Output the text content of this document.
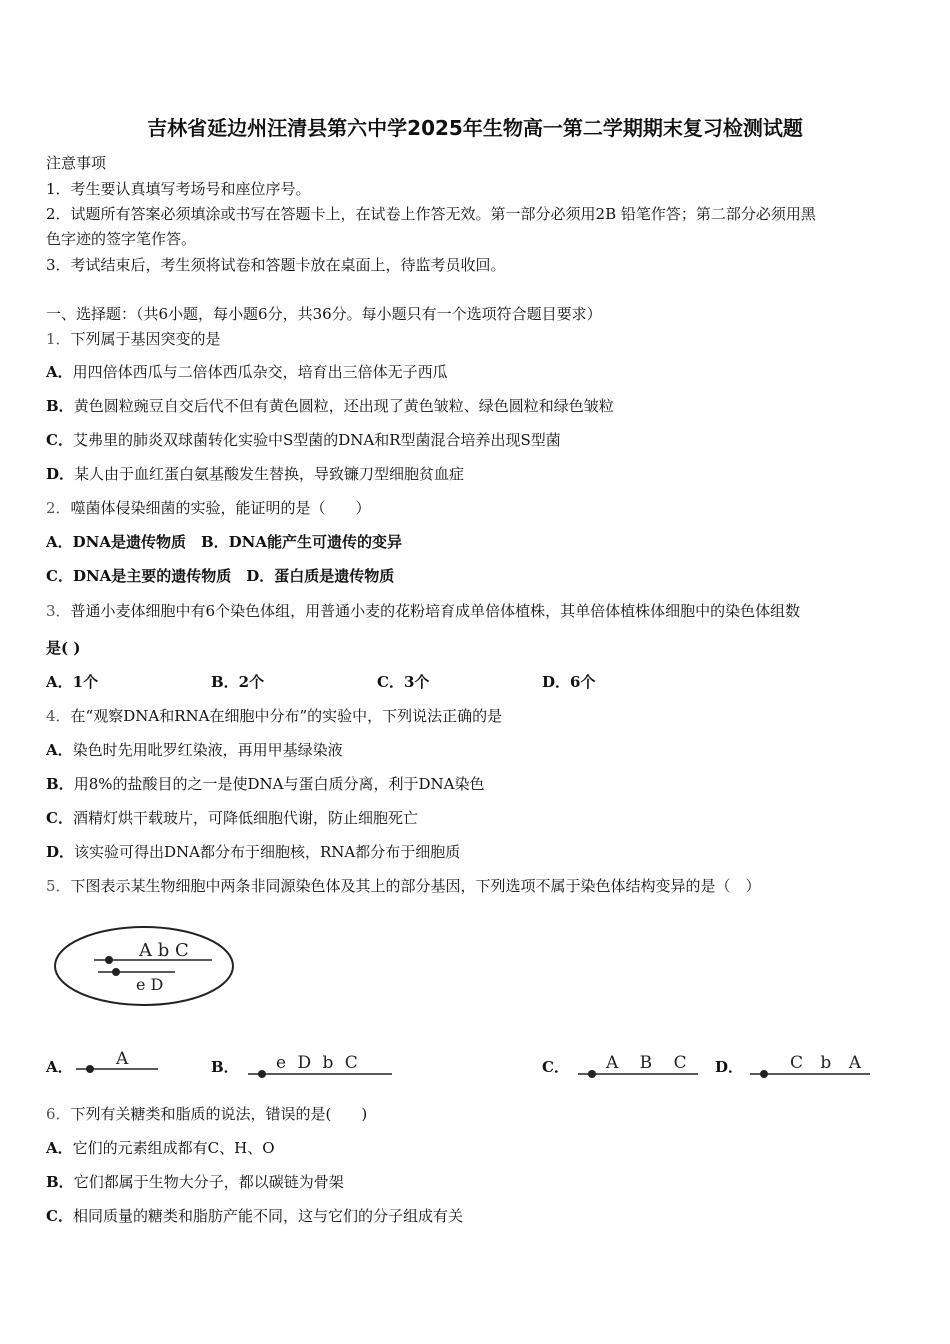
吉林省延边州汪清县第六中学2025年生物高一第二学期期末复习检测试题
注意事项
1．考生要认真填写考场号和座位序号。
2．试题所有答案必须填涂或书写在答题卡上，在试卷上作答无效。第一部分必须用2B 铅笔作答；第二部分必须用黑
色字迹的签字笔作答。
3．考试结束后，考生须将试卷和答题卡放在桌面上，待监考员收回。
一、选择题：（共6小题，每小题6分，共36分。每小题只有一个选项符合题目要求）
1．下列属于基因突变的是
A．用四倍体西瓜与二倍体西瓜杂交，培育出三倍体无子西瓜
B．黄色圆粒豌豆自交后代不但有黄色圆粒，还出现了黄色皱粒、绿色圆粒和绿色皱粒
C．艾弗里的肺炎双球菌转化实验中S型菌的DNA和R型菌混合培养出现S型菌
D．某人由于血红蛋白氨基酸发生替换，导致镰刀型细胞贫血症
2．噬菌体侵染细菌的实验，能证明的是（　　）
A．DNA是遗传物质　B．DNA能产生可遗传的变异
C．DNA是主要的遗传物质　D．蛋白质是遗传物质
3．普通小麦体细胞中有6个染色体组，用普通小麦的花粉培育成单倍体植株，其单倍体植株体细胞中的染色体组数
是( )
A．1个	B．2个	C．3个	D．6个
4．在“观察DNA和RNA在细胞中分布”的实验中，下列说法正确的是
A．染色时先用吡罗红染液，再用甲基绿染液
B．用8%的盐酸目的之一是使DNA与蛋白质分离，利于DNA染色
C．酒精灯烘干载玻片，可降低细胞代谢，防止细胞死亡
D．该实验可得出DNA都分布于细胞核，RNA都分布于细胞质
5．下图表示某生物细胞中两条非同源染色体及其上的部分基因，下列选项不属于染色体结构变异的是（　）
A b C
e D
A．	A	B． e D b C	C． A B C D．	C b A
6．下列有关糖类和脂质的说法，错误的是(　　)
A．它们的元素组成都有C、H、O
B．它们都属于生物大分子，都以碳链为骨架
C．相同质量的糖类和脂肪产能不同，这与它们的分子组成有关
